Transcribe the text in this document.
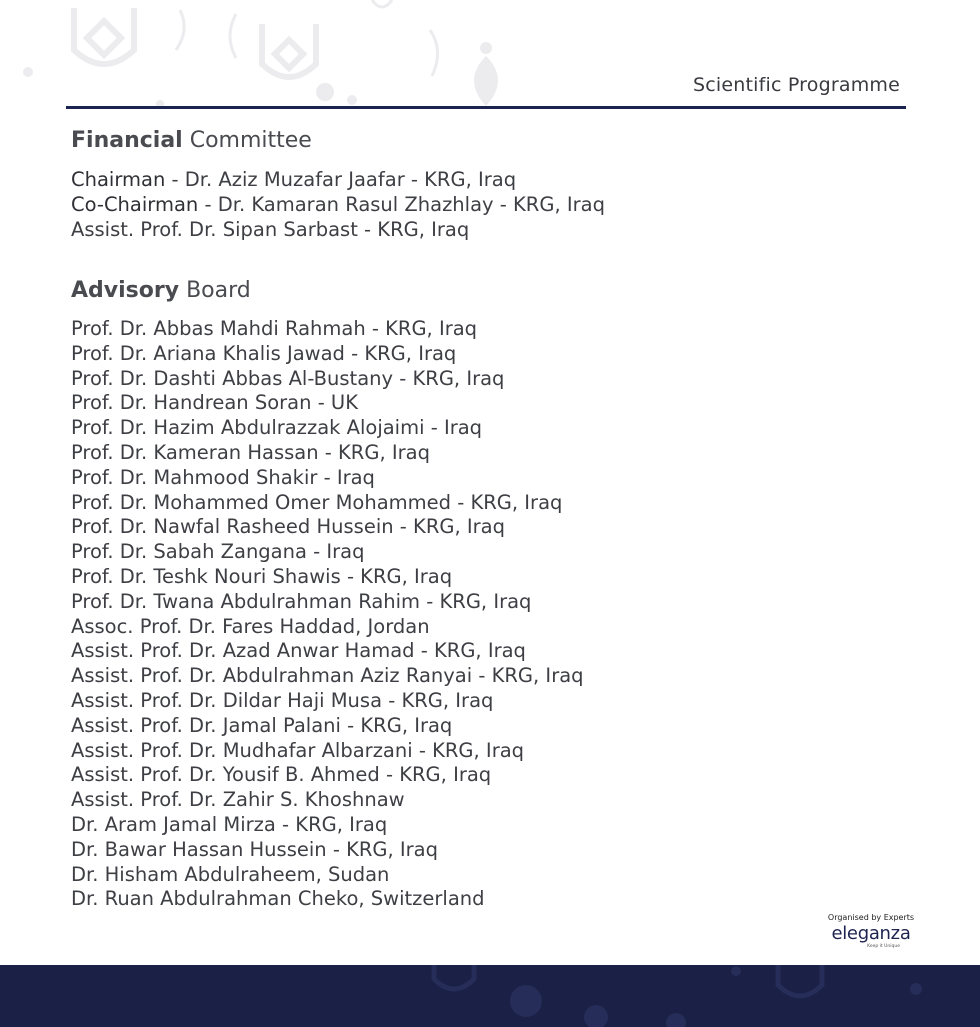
Scientific Programme
Financial Committee
Chairman - Dr. Aziz Muzafar Jaafar - KRG, Iraq
Co-Chairman - Dr. Kamaran Rasul Zhazhlay - KRG, Iraq
Assist. Prof. Dr. Sipan Sarbast - KRG, Iraq
Advisory Board
Prof. Dr. Abbas Mahdi Rahmah - KRG, Iraq
Prof. Dr. Ariana Khalis Jawad - KRG, Iraq
Prof. Dr. Dashti Abbas Al-Bustany - KRG, Iraq
Prof. Dr. Handrean Soran - UK
Prof. Dr. Hazim Abdulrazzak Alojaimi - Iraq
Prof. Dr. Kameran Hassan - KRG, Iraq
Prof. Dr. Mahmood Shakir - Iraq
Prof. Dr. Mohammed Omer Mohammed - KRG, Iraq
Prof. Dr. Nawfal Rasheed Hussein - KRG, Iraq
Prof. Dr. Sabah Zangana - Iraq
Prof. Dr. Teshk Nouri Shawis - KRG, Iraq
Prof. Dr. Twana Abdulrahman Rahim - KRG, Iraq
Assoc. Prof. Dr. Fares Haddad, Jordan
Assist. Prof. Dr. Azad Anwar Hamad - KRG, Iraq
Assist. Prof. Dr. Abdulrahman Aziz Ranyai - KRG, Iraq
Assist. Prof. Dr. Dildar Haji Musa - KRG, Iraq
Assist. Prof. Dr. Jamal Palani - KRG, Iraq
Assist. Prof. Dr. Mudhafar Albarzani - KRG, Iraq
Assist. Prof. Dr. Yousif B. Ahmed - KRG, Iraq
Assist. Prof. Dr. Zahir S. Khoshnaw
Dr. Aram Jamal Mirza - KRG, Iraq
Dr. Bawar Hassan Hussein - KRG, Iraq
Dr. Hisham Abdulraheem, Sudan
Dr. Ruan Abdulrahman Cheko, Switzerland
Organised by Experts
eleganza
Keep it Unique
